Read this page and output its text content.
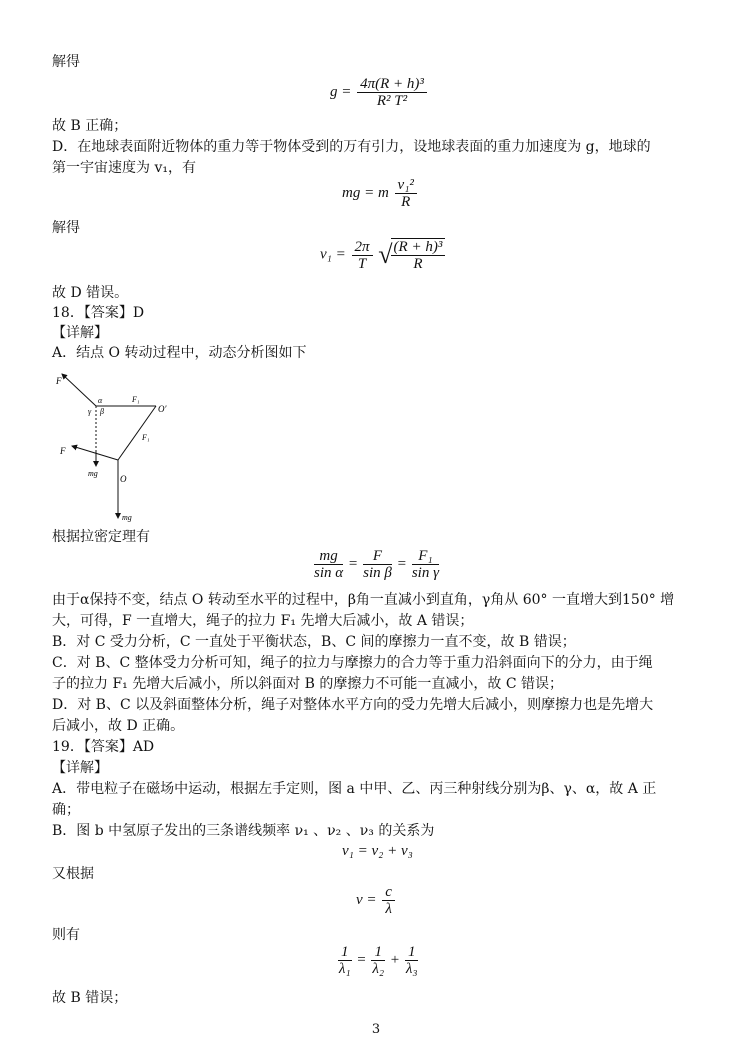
解得
$g = \frac{\text{4π(R + h)³}}{\text{R² T²}}$
故 B 正确；
D．在地球表面附近物体的重力等于物体受到的万有引力，设地球表面的重力加速度为 g，地球的
第一宇宙速度为 v₁，有
mg = m $\frac{\text{v₁²}}{R}$
解得
$v_1 = \frac{2\pi}{T}$ √
$\frac{\text{(R + h)³}}{R}$
故 D 错误。
18．【答案】D
【详解】
A．结点 O 转动过程中，动态分析图如下
F
α
β
γ
F₁
O′
F₁
F
mg
O
mg
根据拉密定理有
$\frac{mg}{\text{sin α}} = \frac{F}{\text{sin β}} = \frac{\text{F₁}}{\text{sin γ}}$
由于α保持不变，结点 O 转动至水平的过程中，β角一直减小到直角，γ角从 60° 一直增大到150° 增
大，可得，F 一直增大，绳子的拉力 F₁ 先增大后减小，故 A 错误；
B．对 C 受力分析，C 一直处于平衡状态，B、C 间的摩擦力一直不变，故 B 错误；
C．对 B、C 整体受力分析可知，绳子的拉力与摩擦力的合力等于重力沿斜面向下的分力，由于绳
子的拉力 F₁ 先增大后减小，所以斜面对 B 的摩擦力不可能一直减小，故 C 错误；
D．对 B、C 以及斜面整体分析，绳子对整体水平方向的受力先增大后减小，则摩擦力也是先增大
后减小，故 D 正确。
19．【答案】AD
【详解】
A．带电粒子在磁场中运动，根据左手定则，图 a 中甲、乙、丙三种射线分别为β、γ、α，故 A 正
确；
B．图 b 中氢原子发出的三条谱线频率 ν₁ 、ν₂ 、ν₃ 的关系为
ν₁ = ν₂ + ν₃
又根据
$\nu = \frac{c}{\lambda}$
则有
$\frac{1}{\text{λ₁}} = \frac{1}{\text{λ₂}} + \frac{1}{\text{λ₃}}$
故 B 错误；
3
